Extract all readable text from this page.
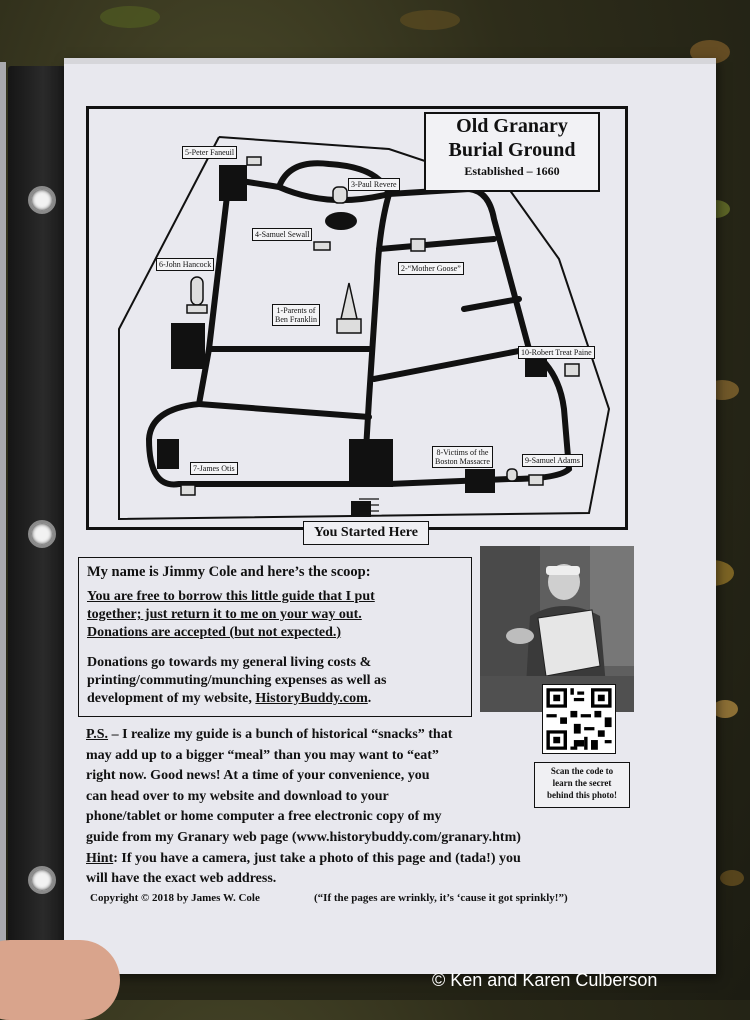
Old Granary
Burial Ground
Established – 1660
5-Peter Faneuil
3-Paul Revere
4-Samuel Sewall
2-“Mother Goose”
6-John Hancock
1-Parents of
Ben Franklin
10-Robert Treat Paine
8-Victims of the
Boston Massacre	9-Samuel Adams
7-James Otis
You Started Here
My name is Jimmy Cole and here’s the scoop:
You are free to borrow this little guide that I put
together; just return it to me on your way out.
Donations are accepted (but not expected.)
Donations go towards my general living costs &
printing/commuting/munching expenses as well as
development of my website, HistoryBuddy.com.
Scan the code to
learn the secret
behind this photo!
P.S. – I realize my guide is a bunch of historical “snacks” that
may add up to a bigger “meal” than you may want to “eat”
right now. Good news! At a time of your convenience, you
can head over to my website and download to your
phone/tablet or home computer a free electronic copy of my
guide from my Granary web page (www.historybuddy.com/granary.htm)
Hint: If you have a camera, just take a photo of this page and (tada!) you
will have the exact web address.
Copyright © 2018 by James W. Cole	(“If the pages are wrinkly, it’s ‘cause it got sprinkly!”)
© Ken and Karen Culberson
